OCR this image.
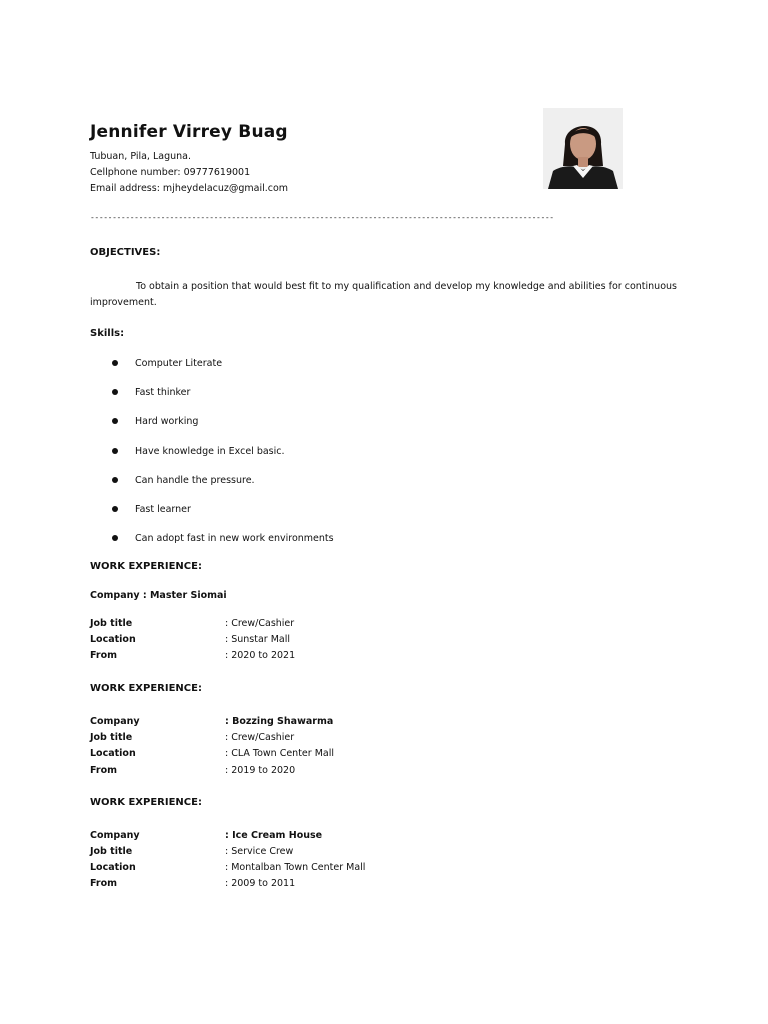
Jennifer Virrey Buag
Tubuan, Pila, Laguna.
Cellphone number: 09777619001
Email address: mjheydelacuz@gmail.com
---------------------------------------------------------------------------------------------------------
OBJECTIVES:
To obtain a position that would best fit to my qualification and develop my knowledge and abilities for continuous improvement.
Skills:
Computer Literate
Fast thinker
Hard working
Have knowledge in Excel basic.
Can handle the pressure.
Fast learner
Can adopt fast in new work environments
WORK EXPERIENCE:
Company : Master Siomai
Job title	: Crew/Cashier
Location	: Sunstar Mall
From	: 2020 to 2021
WORK EXPERIENCE:
Company	: Bozzing Shawarma
Job title	: Crew/Cashier
Location	: CLA Town Center Mall
From	: 2019 to 2020
WORK EXPERIENCE:
Company	: Ice Cream House
Job title	: Service Crew
Location	: Montalban Town Center Mall
From	: 2009 to 2011
